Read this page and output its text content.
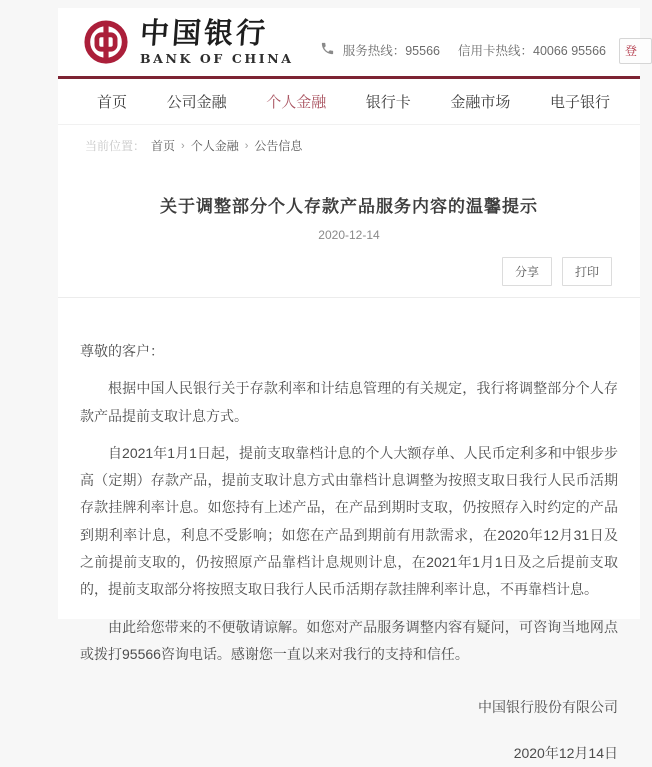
中国银行
BANK OF CHINA	服务热线：95566 信用卡热线：40066 95566	登
首页	公司金融	个人金融	银行卡	金融市场	电子银行
当前位置： 首页 › 个人金融 › 公告信息
关于调整部分个人存款产品服务内容的温馨提示
2020-12-14
分享	打印

尊敬的客户：

根据中国人民银行关于存款利率和计结息管理的有关规定，我行将调整部分个人存款产品提前支取计息方式。

自2021年1月1日起，提前支取靠档计息的个人大额存单、人民币定利多和中银步步高（定期）存款产品，提前支取计息方式由靠档计息调整为按照支取日我行人民币活期存款挂牌利率计息。如您持有上述产品，在产品到期时支取，仍按照存入时约定的产品到期利率计息，利息不受影响；如您在产品到期前有用款需求，在2020年12月31日及之前提前支取的，仍按照原产品靠档计息规则计息，在2021年1月1日及之后提前支取的，提前支取部分将按照支取日我行人民币活期存款挂牌利率计息，不再靠档计息。

由此给您带来的不便敬请谅解。如您对产品服务调整内容有疑问，可咨询当地网点或拨打95566咨询电话。感谢您一直以来对我行的支持和信任。

中国银行股份有限公司
2020年12月14日
